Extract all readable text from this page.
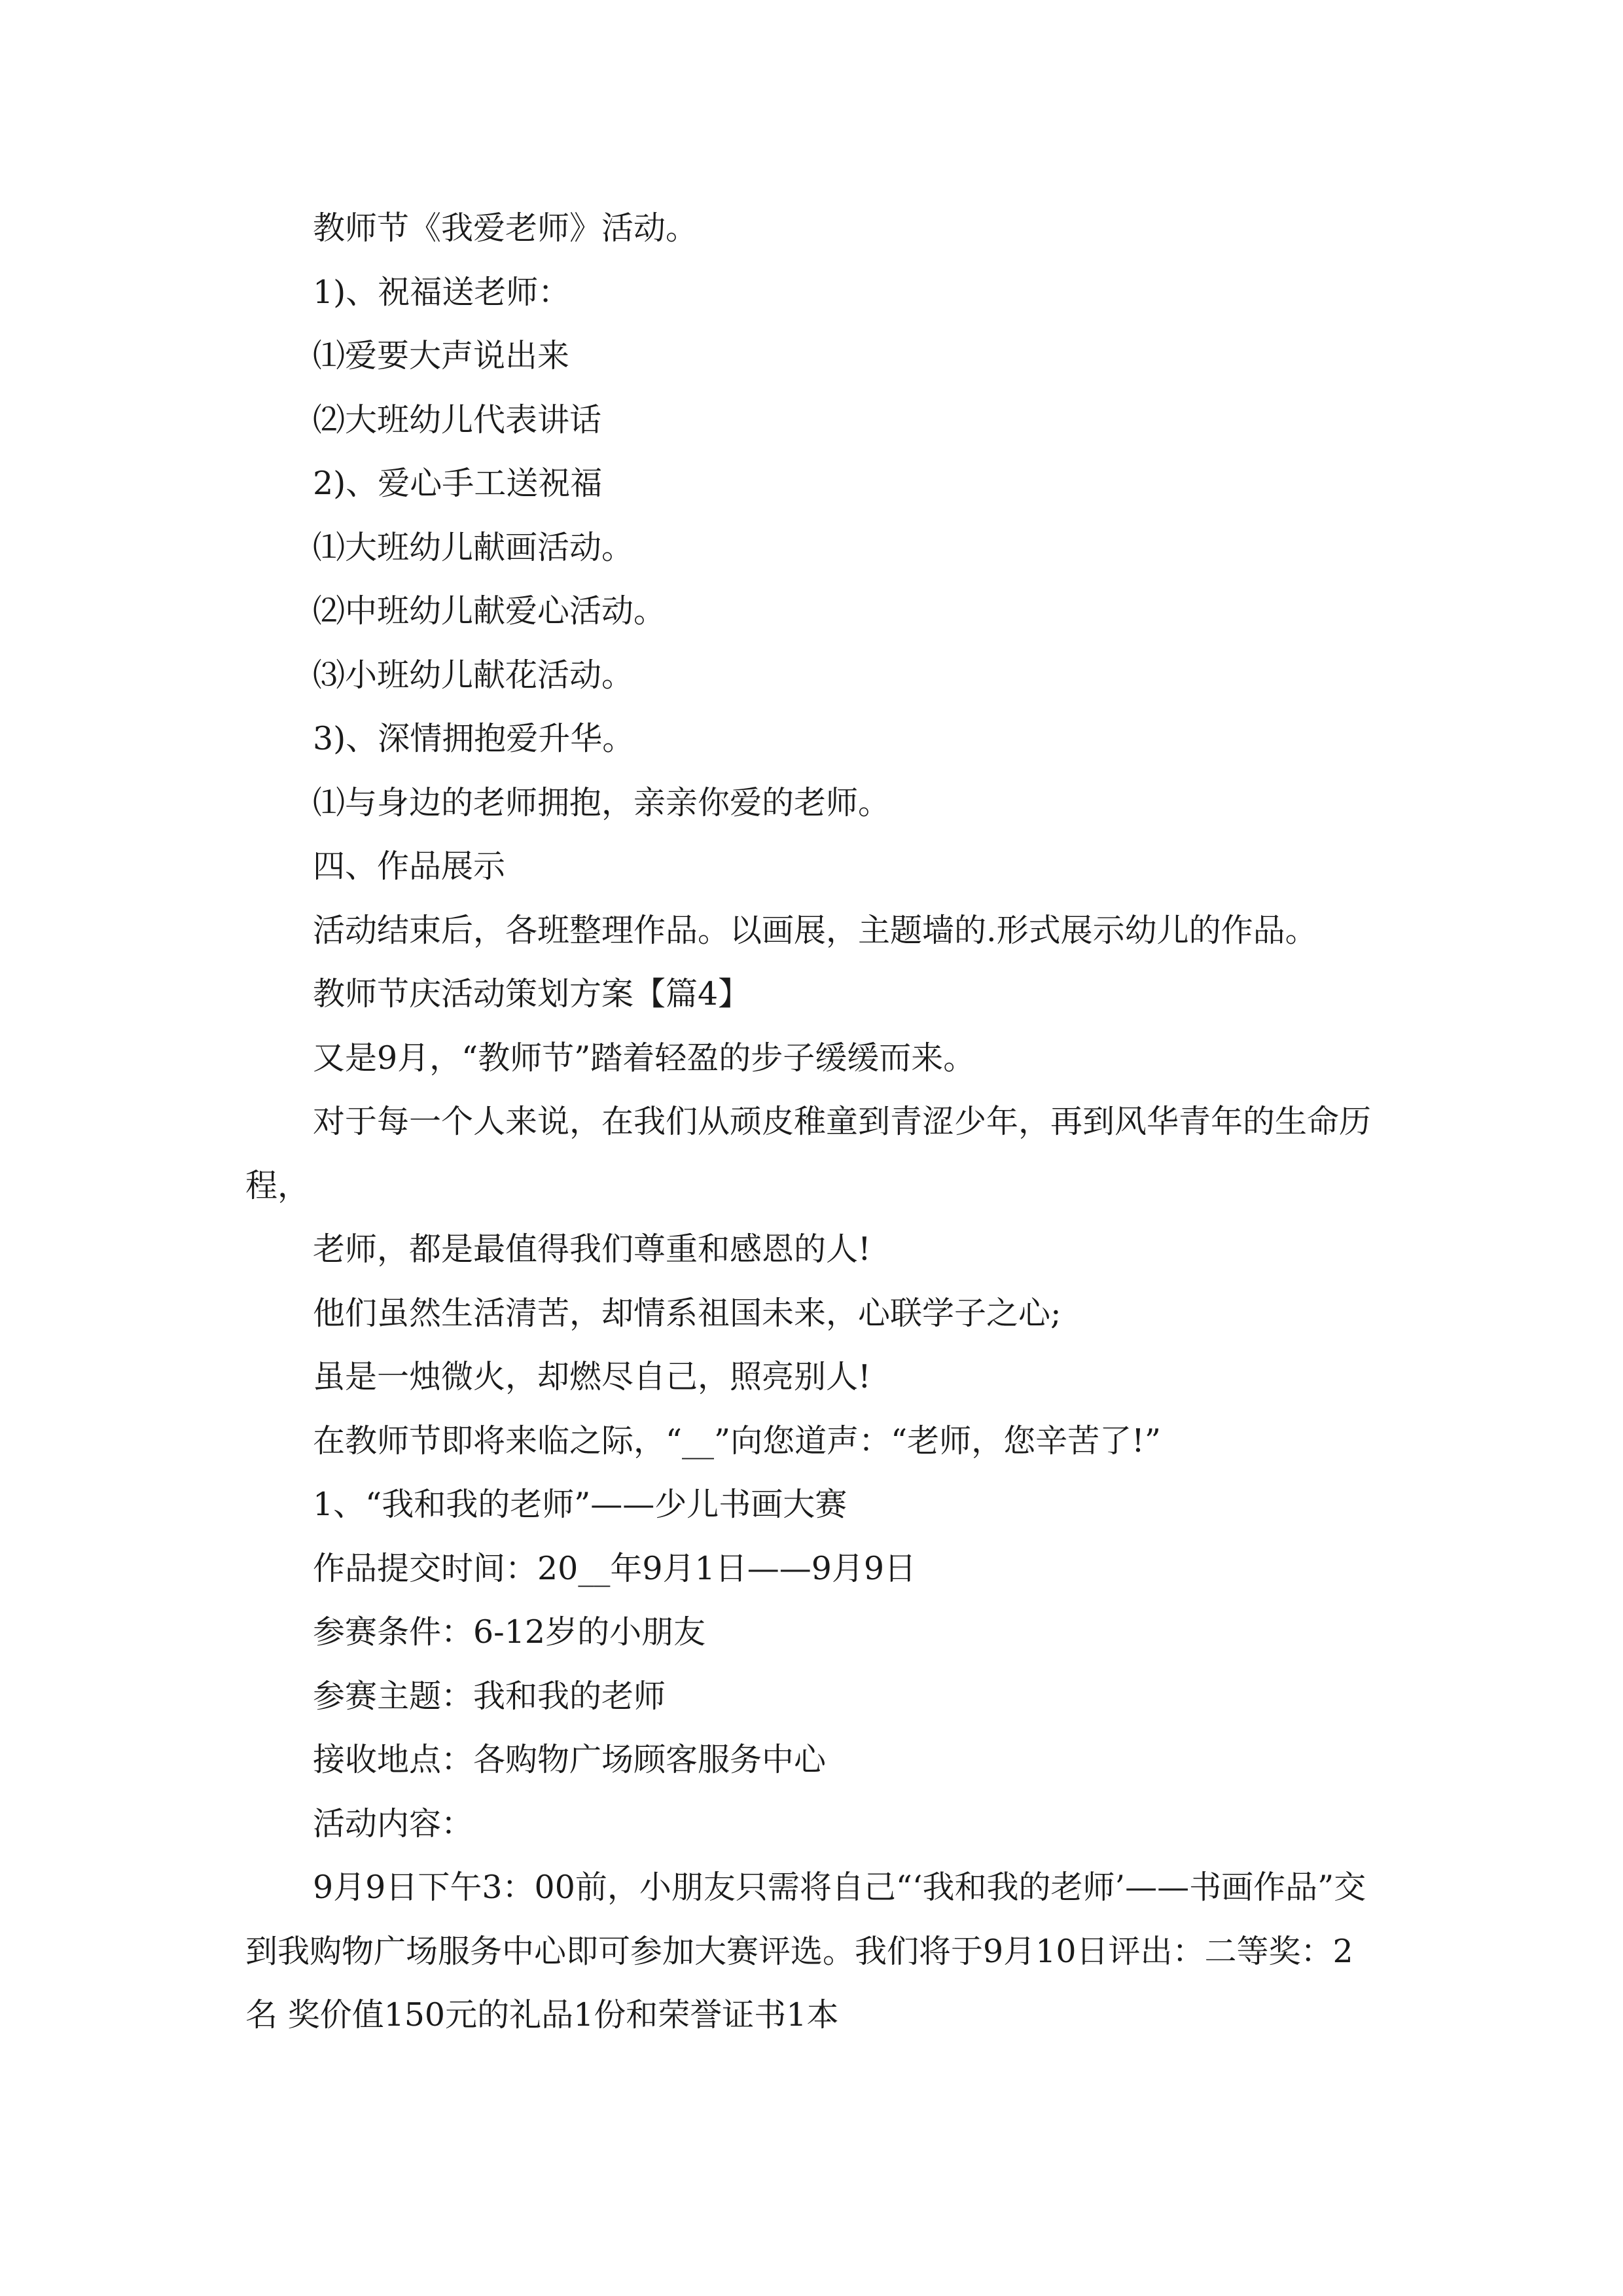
教师节《我爱老师》活动。

1)、祝福送老师：

⑴爱要大声说出来

⑵大班幼儿代表讲话

2)、爱心手工送祝福

⑴大班幼儿献画活动。

⑵中班幼儿献爱心活动。

⑶小班幼儿献花活动。

3)、深情拥抱爱升华。

⑴与身边的老师拥抱，亲亲你爱的老师。

四、作品展示

活动结束后，各班整理作品。以画展，主题墙的.形式展示幼儿的作品。

教师节庆活动策划方案【篇4】

又是9月，“教师节”踏着轻盈的步子缓缓而来。

对于每一个人来说，在我们从顽皮稚童到青涩少年，再到风华青年的生命历程，

老师，都是最值得我们尊重和感恩的人!

他们虽然生活清苦，却情系祖国未来，心联学子之心;

虽是一烛微火，却燃尽自己，照亮别人!

在教师节即将来临之际，“__”向您道声：“老师，您辛苦了!”

1、“我和我的老师”——少儿书画大赛

作品提交时间：20__年9月1日——9月9日

参赛条件：6-12岁的小朋友

参赛主题：我和我的老师

接收地点：各购物广场顾客服务中心

活动内容：

9月9日下午3：00前，小朋友只需将自己“‘我和我的老师’——书画作品”交到我购物广场服务中心即可参加大赛评选。我们将于9月10日评出：二等奖：2名 奖价值150元的礼品1份和荣誉证书1本
